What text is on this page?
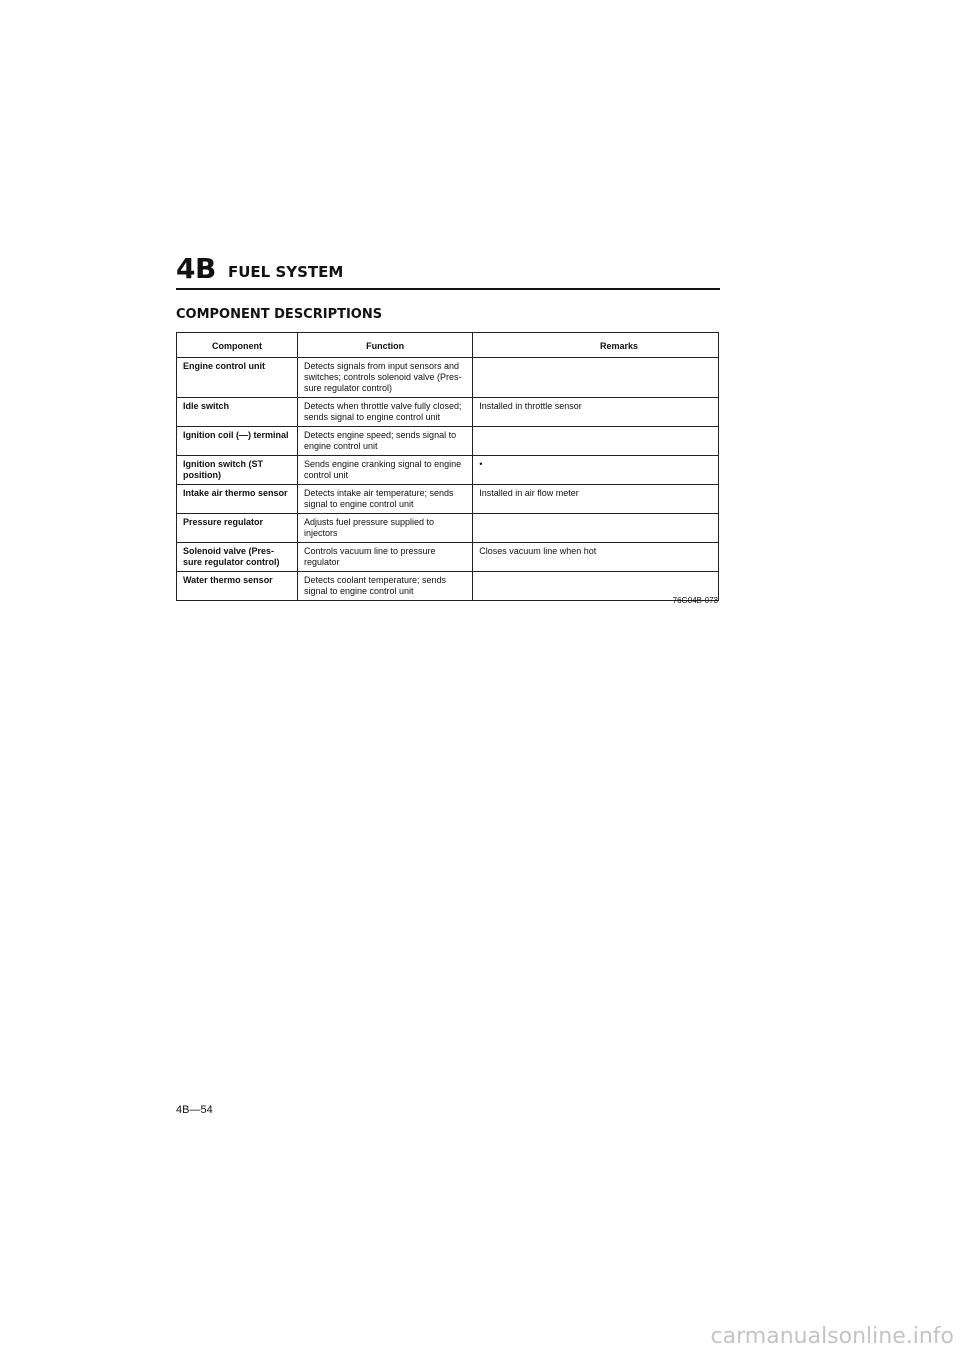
4B FUEL SYSTEM
COMPONENT DESCRIPTIONS
Component	Function	Remarks
Engine control unit	Detects signals from input sensors and switches; controls solenoid valve (Pres-sure regulator control)	
Idle switch	Detects when throttle valve fully closed; sends signal to engine control unit	Installed in throttle sensor
Ignition coil (—) terminal	Detects engine speed; sends signal to engine control unit	
Ignition switch (ST position)	Sends engine cranking signal to engine control unit	•
Intake air thermo sensor	Detects intake air temperature; sends signal to engine control unit	Installed in air flow meter
Pressure regulator	Adjusts fuel pressure supplied to injectors	
Solenoid valve (Pres-sure regulator control)	Controls vacuum line to pressure regulator	Closes vacuum line when hot
Water thermo sensor	Detects coolant temperature; sends signal to engine control unit	
76G04B-073
4B—54
carmanualsonline.info
